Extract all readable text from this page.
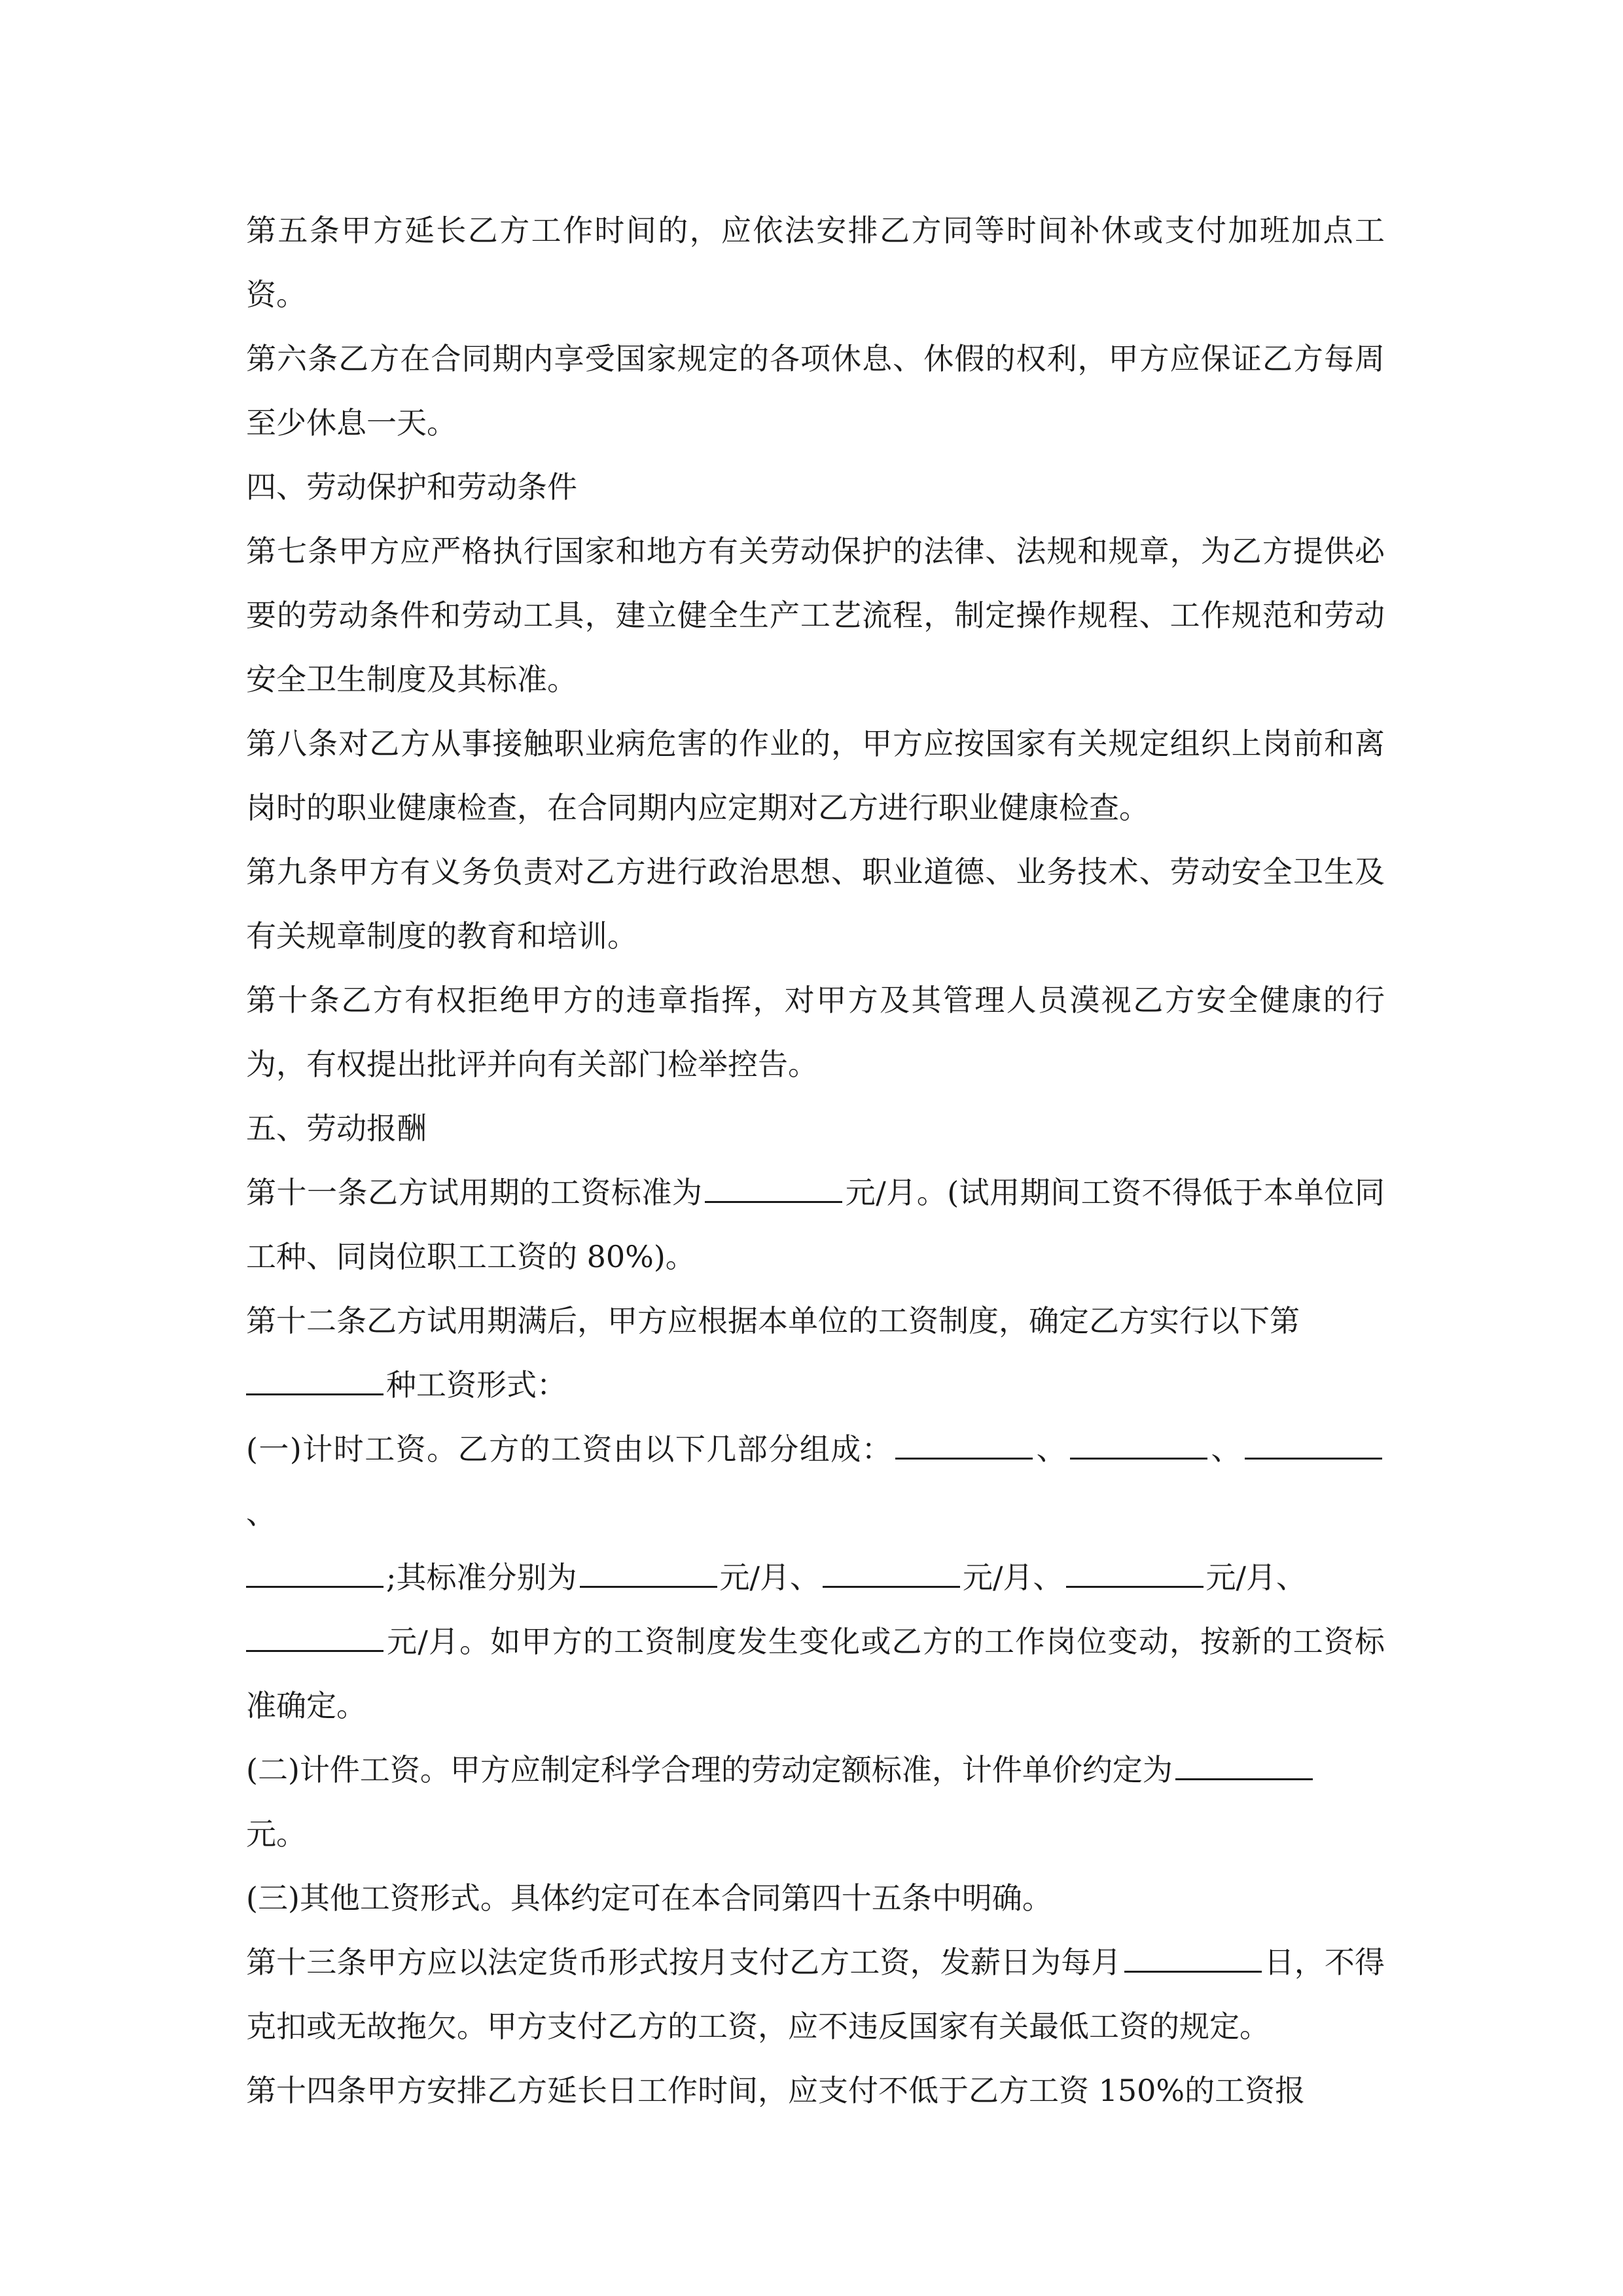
第五条甲方延长乙方工作时间的，应依法安排乙方同等时间补休或支付加班加点工资。

第六条乙方在合同期内享受国家规定的各项休息、休假的权利，甲方应保证乙方每周至少休息一天。

四、劳动保护和劳动条件

第七条甲方应严格执行国家和地方有关劳动保护的法律、法规和规章，为乙方提供必要的劳动条件和劳动工具，建立健全生产工艺流程，制定操作规程、工作规范和劳动安全卫生制度及其标准。

第八条对乙方从事接触职业病危害的作业的，甲方应按国家有关规定组织上岗前和离岗时的职业健康检查，在合同期内应定期对乙方进行职业健康检查。

第九条甲方有义务负责对乙方进行政治思想、职业道德、业务技术、劳动安全卫生及有关规章制度的教育和培训。

第十条乙方有权拒绝甲方的违章指挥，对甲方及其管理人员漠视乙方安全健康的行为，有权提出批评并向有关部门检举控告。

五、劳动报酬

第十一条乙方试用期的工资标准为	元/月。(试用期间工资不得低于本单位同工种、同岗位职工工资的 80%)。

第十二条乙方试用期满后，甲方应根据本单位的工资制度，确定乙方实行以下第
种工资形式：

(一)计时工资。乙方的工资由以下几部分组成：	、	、、
;其标准分别为	元/月、	元/月、	元/月、
元/月。如甲方的工资制度发生变化或乙方的工作岗位变动，按新的工资标准确定。

(二)计件工资。甲方应制定科学合理的劳动定额标准，计件单价约定为
元。

(三)其他工资形式。具体约定可在本合同第四十五条中明确。

第十三条甲方应以法定货币形式按月支付乙方工资，发薪日为每月	日，不得克扣或无故拖欠。甲方支付乙方的工资，应不违反国家有关最低工资的规定。

第十四条甲方安排乙方延长日工作时间，应支付不低于乙方工资 150%的工资报
